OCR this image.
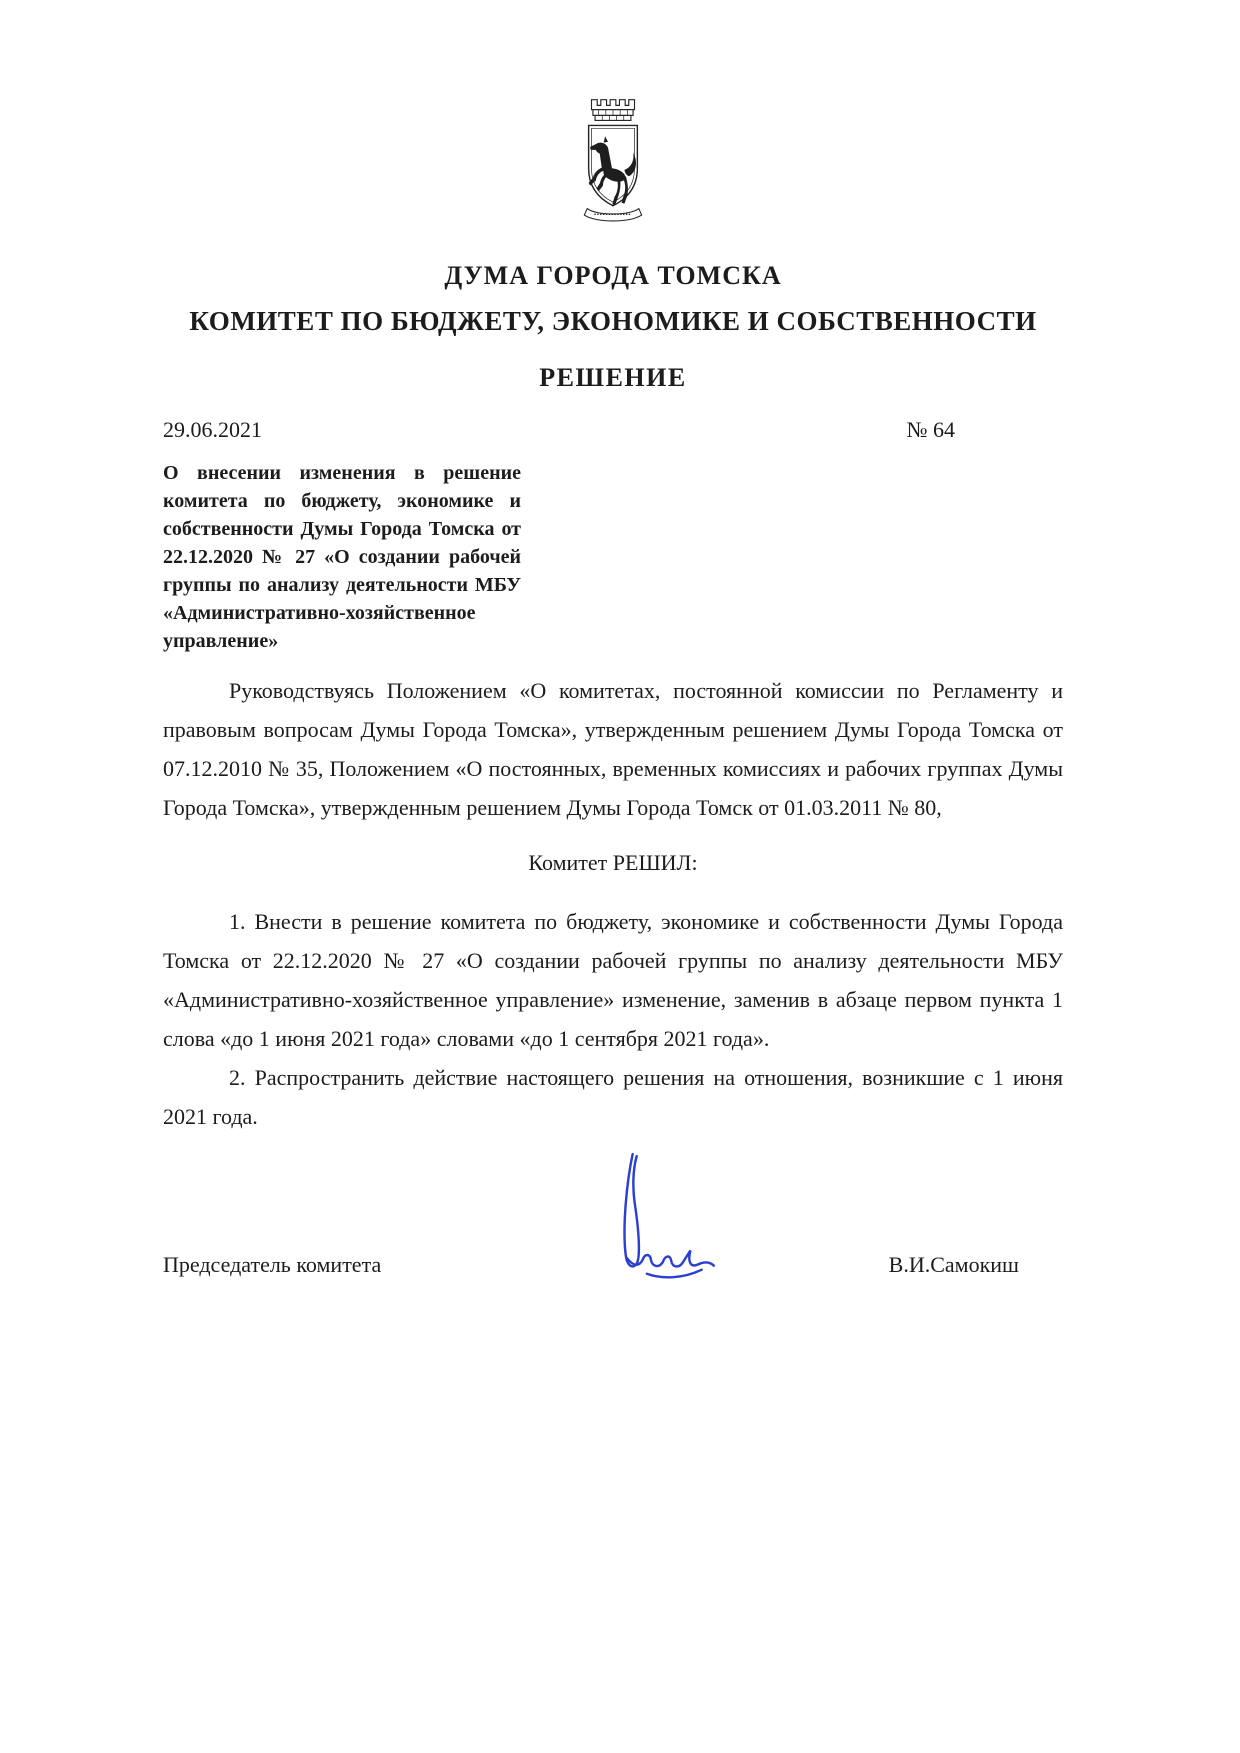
ДУМА ГОРОДА ТОМСКА
КОМИТЕТ ПО БЮДЖЕТУ, ЭКОНОМИКЕ И СОБСТВЕННОСТИ
РЕШЕНИЕ
29.06.2021	№ 64
О внесении изменения в решение комитета по бюджету, экономике и собственности Думы Города Томска от 22.12.2020 № 27 «О создании рабочей группы по анализу деятельности МБУ «Административно-хозяйственное управление»

Руководствуясь Положением «О комитетах, постоянной комиссии по Регламенту и правовым вопросам Думы Города Томска», утвержденным решением Думы Города Томска от 07.12.2010 № 35, Положением «О постоянных, временных комиссиях и рабочих группах Думы Города Томска», утвержденным решением Думы Города Томск от 01.03.2011 № 80,

Комитет РЕШИЛ:

1. Внести в решение комитета по бюджету, экономике и собственности Думы Города Томска от 22.12.2020 № 27 «О создании рабочей группы по анализу деятельности МБУ «Административно-хозяйственное управление» изменение, заменив в абзаце первом пункта 1 слова «до 1 июня 2021 года» словами «до 1 сентября 2021 года».

2. Распространить действие настоящего решения на отношения, возникшие с 1 июня 2021 года.

Председатель комитета	В.И.Самокиш
